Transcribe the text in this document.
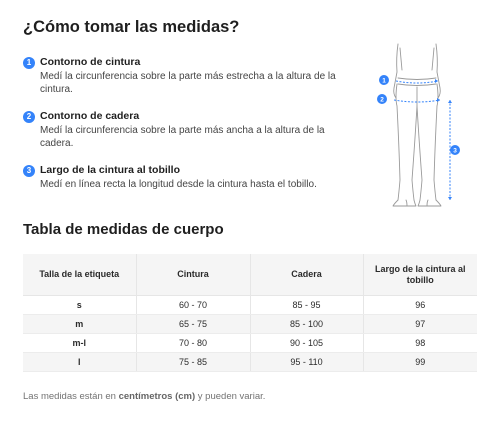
¿Cómo tomar las medidas?
1 Contorno de cintura
Medí la circunferencia sobre la parte más estrecha a la altura de la cintura.
2 Contorno de cadera
Medí la circunferencia sobre la parte más ancha a la altura de la cadera.
3 Largo de la cintura al tobillo
Medí en línea recta la longitud desde la cintura hasta el tobillo.
1
2
3
Tabla de medidas de cuerpo
Talla de la etiqueta	Cintura	Cadera	Largo de la cintura al tobillo
s	60 - 70	85 - 95	96
m	65 - 75	85 - 100	97
m-l	70 - 80	90 - 105	98
l	75 - 85	95 - 110	99
Las medidas están en centímetros (cm) y pueden variar.
